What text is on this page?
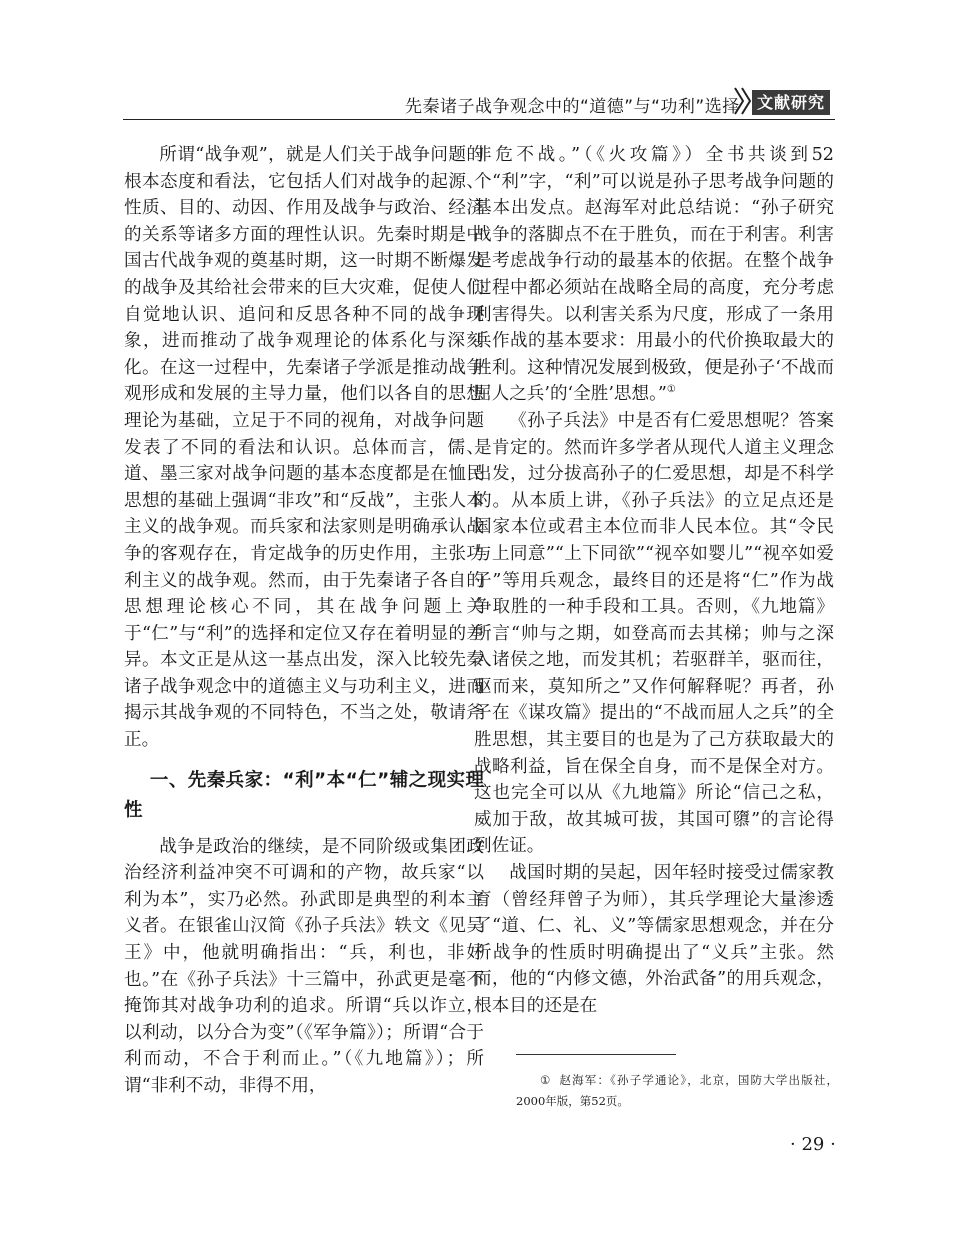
先秦诸子战争观念中的“道德”与“功利”选择	文献研究

所谓“战争观”，就是人们关于战争问题的根本态度和看法，它包括人们对战争的起源、性质、目的、动因、作用及战争与政治、经济的关系等诸多方面的理性认识。先秦时期是中国古代战争观的奠基时期，这一时期不断爆发的战争及其给社会带来的巨大灾难，促使人们自觉地认识、追问和反思各种不同的战争现象，进而推动了战争观理论的体系化与深刻化。在这一过程中，先秦诸子学派是推动战争观形成和发展的主导力量，他们以各自的思想理论为基础，立足于不同的视角，对战争问题发表了不同的看法和认识。总体而言，儒、道、墨三家对战争问题的基本态度都是在恤民思想的基础上强调“非攻”和“反战”，主张人本主义的战争观。而兵家和法家则是明确承认战争的客观存在，肯定战争的历史作用，主张功利主义的战争观。然而，由于先秦诸子各自的思想理论核心不同，其在战争问题上关于“仁”与“利”的选择和定位又存在着明显的差异。本文正是从这一基点出发，深入比较先秦诸子战争观念中的道德主义与功利主义，进而揭示其战争观的不同特色，不当之处，敬请斧正。

一、先秦兵家：“利”本“仁”辅之现实理性

战争是政治的继续，是不同阶级或集团政治经济利益冲突不可调和的产物，故兵家“以利为本”，实乃必然。孙武即是典型的利本主义者。在银雀山汉简《孙子兵法》轶文《见吴王》中，他就明确指出：“兵，利也，非好也。”在《孙子兵法》十三篇中，孙武更是毫不掩饰其对战争功利的追求。所谓“兵以诈立，以利动，以分合为变”（《军争篇》）；所谓“合于利而动，不合于利而止。”（《九地篇》）；所谓“非利不动，非得不用，

非危不战。”（《火攻篇》）全书共谈到52个“利”字，“利”可以说是孙子思考战争问题的基本出发点。赵海军对此总结说：“孙子研究战争的落脚点不在于胜负，而在于利害。利害是考虑战争行动的最基本的依据。在整个战争过程中都必须站在战略全局的高度，充分考虑利害得失。以利害关系为尺度，形成了一条用兵作战的基本要求：用最小的代价换取最大的胜利。这种情况发展到极致，便是孙子‘不战而屈人之兵’的‘全胜’思想。”①

《孙子兵法》中是否有仁爱思想呢？答案是肯定的。然而许多学者从现代人道主义理念出发，过分拔高孙子的仁爱思想，却是不科学的。从本质上讲，《孙子兵法》的立足点还是国家本位或君主本位而非人民本位。其“令民与上同意”“上下同欲”“视卒如婴儿”“视卒如爱子”等用兵观念，最终目的还是将“仁”作为战争取胜的一种手段和工具。否则，《九地篇》所言“帅与之期，如登高而去其梯；帅与之深入诸侯之地，而发其机；若驱群羊，驱而往，驱而来，莫知所之”又作何解释呢？再者，孙子在《谋攻篇》提出的“不战而屈人之兵”的全胜思想，其主要目的也是为了己方获取最大的战略利益，旨在保全自身，而不是保全对方。这也完全可以从《九地篇》所论“信己之私，威加于敌，故其城可拔，其国可隳”的言论得到佐证。

战国时期的吴起，因年轻时接受过儒家教育（曾经拜曾子为师），其兵学理论大量渗透了“道、仁、礼、义”等儒家思想观念，并在分析战争的性质时明确提出了“义兵”主张。然而，他的“内修文德，外治武备”的用兵观念，根本目的还是在

① 赵海军：《孙子学通论》，北京，国防大学出版社，2000年版，第52页。
· 29 ·
